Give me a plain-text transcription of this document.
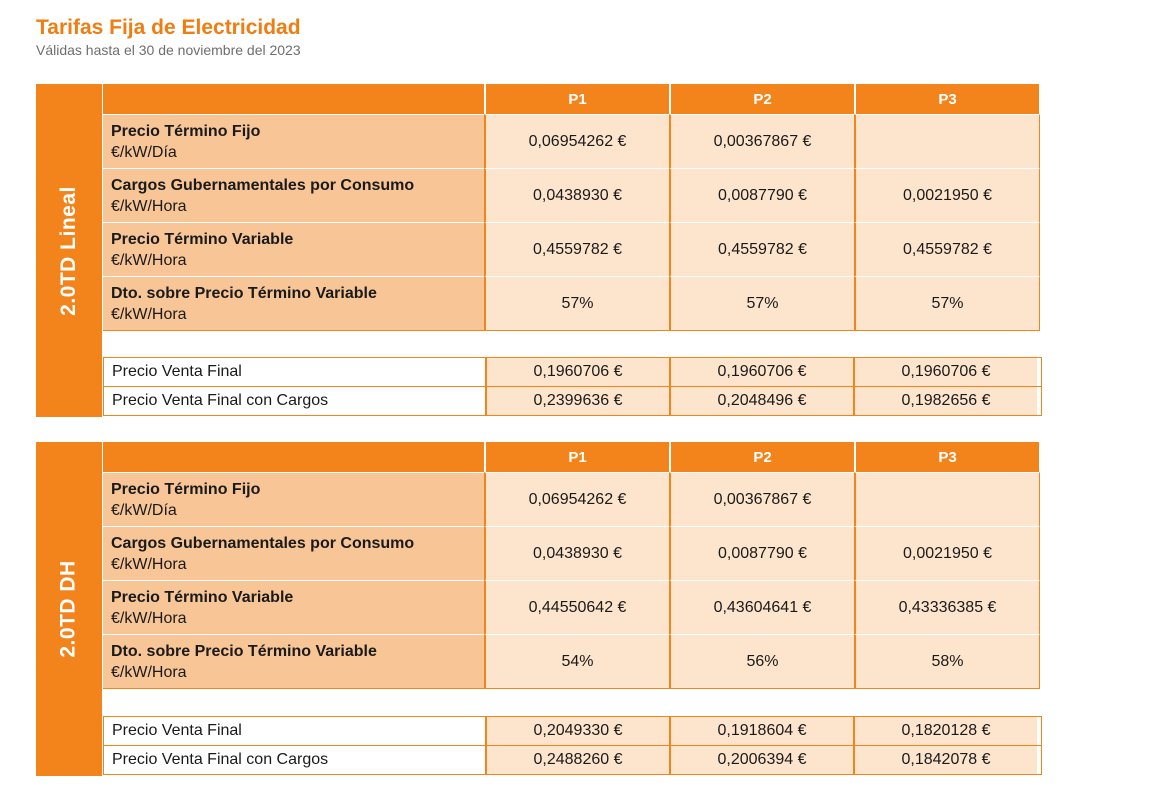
Tarifas Fija de Electricidad
Válidas hasta el 30 de noviembre del 2023
2.0TD Lineal
P1	P2	P3
Precio Término Fijo
€/kW/Día
0,06954262 €	0,00367867 €
Cargos Gubernamentales por Consumo
€/kW/Hora
0,0438930 €	0,0087790 €	0,0021950 €
Precio Término Variable
€/kW/Hora
0,4559782 €	0,4559782 €	0,4559782 €
Dto. sobre Precio Término Variable
€/kW/Hora
57%	57%	57%
Precio Venta Final	0,1960706 €	0,1960706 €	0,1960706 €
Precio Venta Final con Cargos	0,2399636 €	0,2048496 €	0,1982656 €
2.0TD DH
P1	P2	P3
Precio Término Fijo
€/kW/Día
0,06954262 €	0,00367867 €
Cargos Gubernamentales por Consumo
€/kW/Hora
0,0438930 €	0,0087790 €	0,0021950 €
Precio Término Variable
€/kW/Hora
0,44550642 €	0,43604641 €	0,43336385 €
Dto. sobre Precio Término Variable
€/kW/Hora
54%	56%	58%
Precio Venta Final	0,2049330 €	0,1918604 €	0,1820128 €
Precio Venta Final con Cargos	0,2488260 €	0,2006394 €	0,1842078 €
